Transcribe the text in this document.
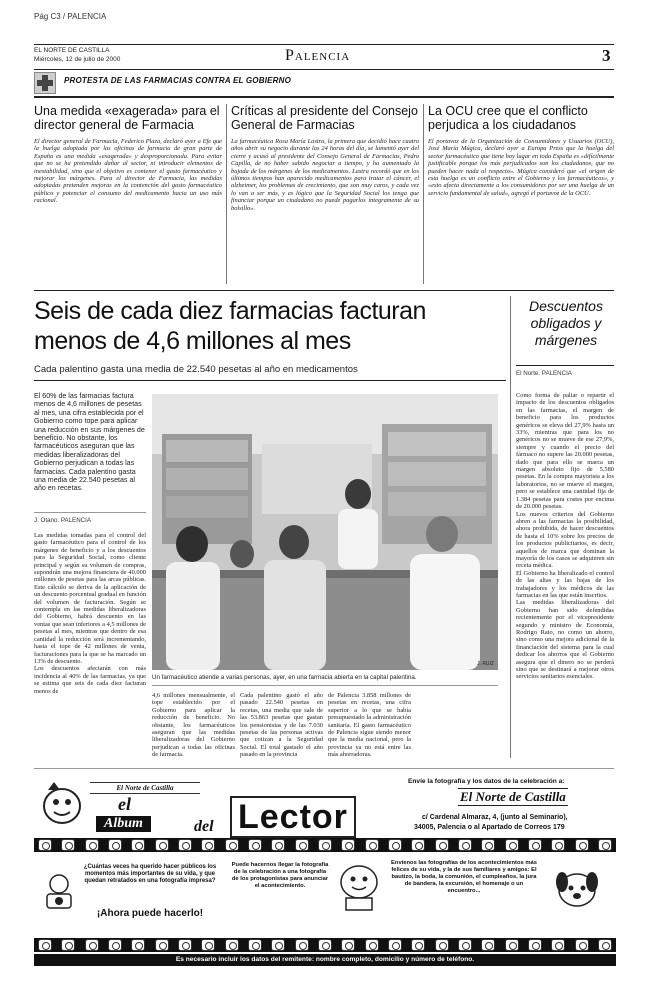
Pág C3 / PALENCIA
EL NORTE DE CASTILLA
Miércoles, 12 de julio de 2000	Palencia	3
PROTESTA DE LAS FARMACIAS CONTRA EL GOBIERNO
Una medida «exagerada» para el director general de Farmacia
El director general de Farmacia, Federico Plaza, declaró ayer a Efe que la huelga adoptada por las oficinas de farmacia de gran parte de España es una medida «exagerada» y desproporcionada. Para evitar que no se ha pretendido dañar al sector, ni introducir elementos de inestabilidad, sino que el objetivo es contener el gasto farmacéutico y mejorar los márgenes. Para el director de Farmacia, las medidas adoptadas pretenden mejoras en la contención del gasto farmacéutico público y potenciar el consumo del medicamento hacia un uso más racional.
Críticas al presidente del Consejo General de Farmacias
La farmacéutica Rosa María Lastra, la primera que decidió hace cuatro años abrir su negocio durante las 24 horas del día, se lamentó ayer del cierre y acusó al presidente del Consejo General de Farmacias, Pedro Capilla, de no haber sabido negociar a tiempo, y ha aumentado la bajada de los márgenes de los medicamentos. Lastra recordó que en los últimos tiempos han aparecido medicamentos para tratar el cáncer, el alzheimer, los problemas de crecimiento, que son muy caros, y cada vez lo van a ser más, y es lógico que la Seguridad Social los tenga que financiar porque un ciudadano no puede pagarlos íntegramente de su bolsillo».
La OCU cree que el conflicto perjudica a los ciudadanos
El portavoz de la Organización de Consumidores y Usuarios (OCU), José María Múgica, declaró ayer a Europa Press que la huelga del sector farmacéutico que tiene hoy lugar en toda España es «difícilmente justificable porque los más perjudicados son los ciudadanos, que no pueden hacer nada al respecto». Múgica consideró que «el origen de esta huelga es un conflicto entre el Gobierno y los farmacéuticos», y «esto afecta directamente a los consumidores por ser una huelga de un servicio fundamental de salud», agregó el portavoz de la OCU.
Seis de cada diez farmacias facturan menos de 4,6 millones al mes
Cada palentino gasta una media de 22.540 pesetas al año en medicamentos
Descuentos obligados y márgenes
El Norte. PALENCIA
Como forma de paliar o repartir el impacto de los descuentos obligados en las farmacias, el margen de beneficio para los productos genéricos se eleva del 27,9% hasta un 33%, mientras que para los no genéricos no se mueve de ese 27,9%, siempre y cuando el precio del fármaco no supere las 20.000 pesetas, dado que para ello se marca un margen absoluto fijo de 5.580 pesetas. En la compra mayorista a los laboratorios, no se mueve el margen, pero se establece una cantidad fija de 1.384 pesetas para costes por encima de 20.000 pesetas.
Los nuevos criterios del Gobierno abren a las farmacias la posibilidad, ahora prohibida, de hacer descuentos de hasta el 10% sobre los precios de los productos publicitarios, es decir, aquellos de marca que dominan la mayoría de los casos se adquieren sin receta médica.
El Gobierno ha liberalizado el control de las altas y las bajas de los trabajadores y los médicos de las farmacias en las que están inscritos.
Las medidas liberalizadoras del Gobierno han sido defendidas recientemente por el vicepresidente segundo y ministro de Economía, Rodrigo Rato, no como un ahorro, sino como una mejora adicional de la financiación del sistema para la cual dedicar los ahorros que el Gobierno asegura que el dinero no se perderá sino que se destinará a mejorar otros servicios sanitarios esenciales.
El 60% de las farmacias factura menos de 4,6 millones de pesetas al mes, una cifra establecida por el Gobierno como tope para aplicar una reducción en sus márgenes de beneficio. No obstante, los farmacéuticos aseguran que las medidas liberalizadoras del Gobierno perjudican a todas las farmacias. Cada palentino gasta una media de 22.540 pesetas al año en recetas.
J. Otano. PALENCIA
J. RUIZ
Un farmacéutico atiende a varias personas, ayer, en una farmacia abierta en la capital palentina.
Las medidas tomadas para el control del gasto farmacéutico para el control de los márgenes de beneficio y a los descuentos para la Seguridad Social, como cliente principal y según su volumen de compras, supondrán una mejora financiera de 40.000 millones de pesetas para las arcas públicas. Este cálculo se deriva de la aplicación de un descuento porcentual gradual en función del volumen de facturación. Según se contempla en las medidas liberalizadoras del Gobierno, habrá descuento en las ventas que sean inferiores a 4,5 millones de pesetas al mes, mientras que dentro de esa cantidad la reducción será incrementando, hasta el tope de 42 millones de venta, facturaciones para la que se ha marcado un 13% de descuento.
Los descuentos afectarán con más incidencia al 40% de las farmacias, ya que se estima que seis de cada diez facturan menos de
4,6 millones mensualmente, el tope establecido por el Gobierno para aplicar la reducción de beneficio. No obstante, los farmacéuticos aseguran que las medidas liberalizadoras del Gobierno perjudican a todas las oficinas de farmacia.
Cada palentino gastó el año pasado 22.540 pesetas en recetas, una media que sale de las 53.863 pesetas que gastan los pensionistas y de las 7.030 pesetas de las personas activas que cotizan a la Seguridad Social. El total gastado el año pasado en la provincia
de Palencia 3.858 millones de pesetas en recetas, una cifra superior a lo que se había presupuestado la administración sanitaria. El gasto farmacéutico de Palencia sigue siendo menor que la media nacional, pero la provincia ya no está entre las más ahorradoras.
El Norte de Castilla
el
Album	del Lector
Envíe la fotografía y los datos de la celebración a:
El Norte de Castilla
c/ Cardenal Almaraz, 4, (junto al Seminario),
34005, Palencia o al Apartado de Correos 179
¿Cuántas veces ha querido hacer públicos los momentos más importantes de su vida, y que quedan retratados en una fotografía impresa?
¡Ahora puede hacerlo!
Puede hacernos llegar la fotografía de la celebración a una fotografía de los protagonistas para anunciar el acontecimiento.
Envíenos las fotografías de los acontecimientos más felices de su vida, y la de sus familiares y amigos: El bautizo, la boda, la comunión, el cumpleaños, la jura de bandera, la excursión, el homenaje o un encuentro...
Es necesario incluir los datos del remitente: nombre completo, domicilio y número de teléfono.
